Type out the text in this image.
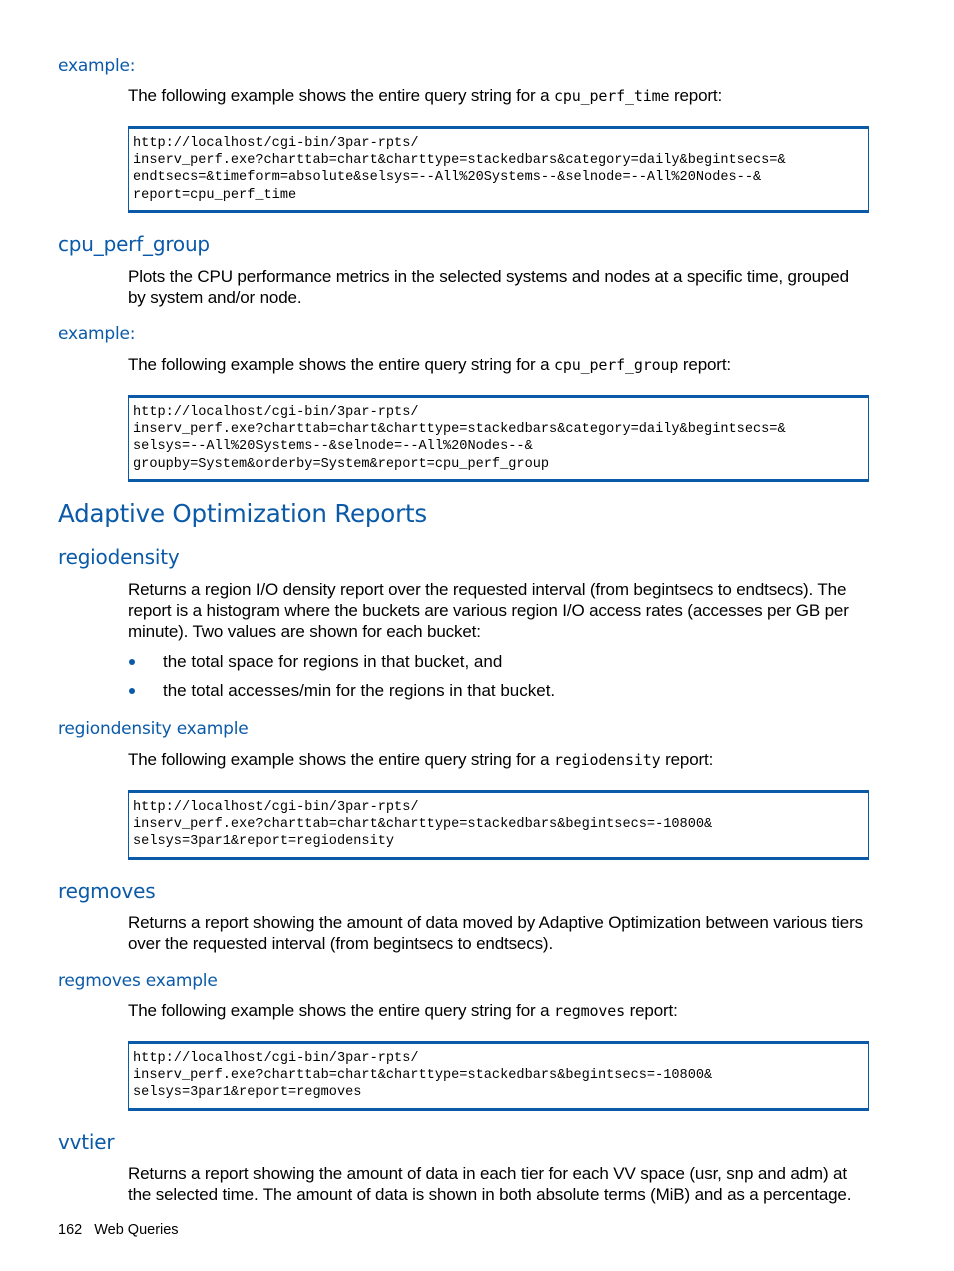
example:

The following example shows the entire query string for a cpu_perf_time report:

http://localhost/cgi-bin/3par-rpts/
inserv_perf.exe?charttab=chart&charttype=stackedbars&category=daily&begintsecs=&
endtsecs=&timeform=absolute&selsys=--All%20Systems--&selnode=--All%20Nodes--&
report=cpu_perf_time
cpu_perf_group

Plots the CPU performance metrics in the selected systems and nodes at a specific time, grouped by system and/or node.

example:

The following example shows the entire query string for a cpu_perf_group report:

http://localhost/cgi-bin/3par-rpts/
inserv_perf.exe?charttab=chart&charttype=stackedbars&category=daily&begintsecs=&
selsys=--All%20Systems--&selnode=--All%20Nodes--&
groupby=System&orderby=System&report=cpu_perf_group
Adaptive Optimization Reports
regiodensity

Returns a region I/O density report over the requested interval (from begintsecs to endtsecs). The report is a histogram where the buckets are various region I/O access rates (accesses per GB per minute). Two values are shown for each bucket:

the total space for regions in that bucket, and
the total accesses/min for the regions in that bucket.
regiondensity example

The following example shows the entire query string for a regiodensity report:

http://localhost/cgi-bin/3par-rpts/
inserv_perf.exe?charttab=chart&charttype=stackedbars&begintsecs=-10800&
selsys=3par1&report=regiodensity
regmoves

Returns a report showing the amount of data moved by Adaptive Optimization between various tiers over the requested interval (from begintsecs to endtsecs).

regmoves example

The following example shows the entire query string for a regmoves report:

http://localhost/cgi-bin/3par-rpts/
inserv_perf.exe?charttab=chart&charttype=stackedbars&begintsecs=-10800&
selsys=3par1&report=regmoves
vvtier

Returns a report showing the amount of data in each tier for each VV space (usr, snp and adm) at the selected time. The amount of data is shown in both absolute terms (MiB) and as a percentage.

162 Web Queries
